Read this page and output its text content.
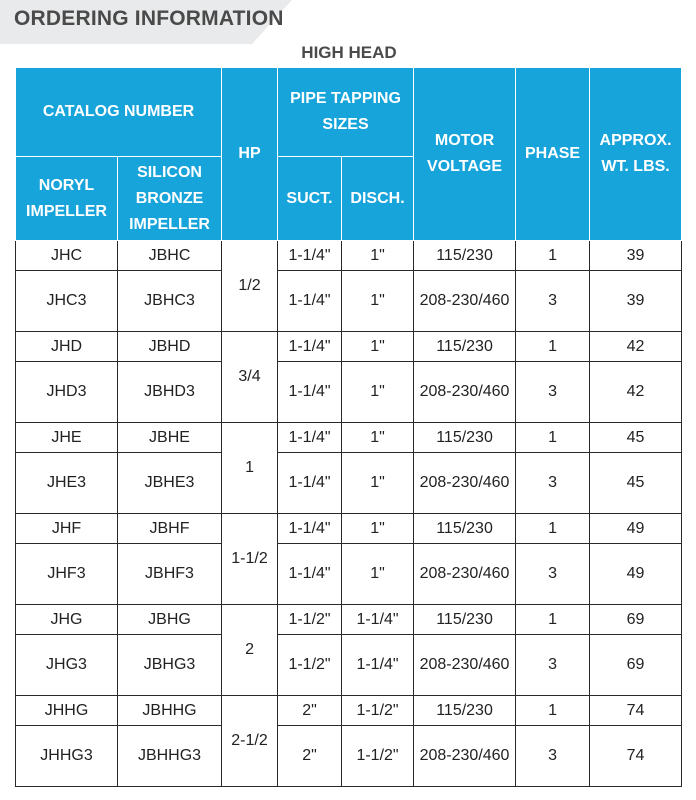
ORDERING INFORMATION
HIGH HEAD
CATALOG NUMBER		HP	PIPE TAPPING SIZES		MOTOR VOLTAGE	PHASE	APPROX. WT. LBS.
NORYL IMPELLER	SILICON BRONZE IMPELLER		SUCT.	DISCH.			
JHC	JBHC	1/2	1-1/4"	1"	115/230	1	39
JHC3	JBHC3		1-1/4"	1"	208-230/460	3	39
JHD	JBHD	3/4	1-1/4"	1"	115/230	1	42
JHD3	JBHD3		1-1/4"	1"	208-230/460	3	42
JHE	JBHE	1	1-1/4"	1"	115/230	1	45
JHE3	JBHE3		1-1/4"	1"	208-230/460	3	45
JHF	JBHF	1-1/2	1-1/4"	1"	115/230	1	49
JHF3	JBHF3		1-1/4"	1"	208-230/460	3	49
JHG	JBHG	2	1-1/2"	1-1/4"	115/230	1	69
JHG3	JBHG3		1-1/2"	1-1/4"	208-230/460	3	69
JHHG	JBHHG	2-1/2	2"	1-1/2"	115/230	1	74
JHHG3	JBHHG3		2"	1-1/2"	208-230/460	3	74
